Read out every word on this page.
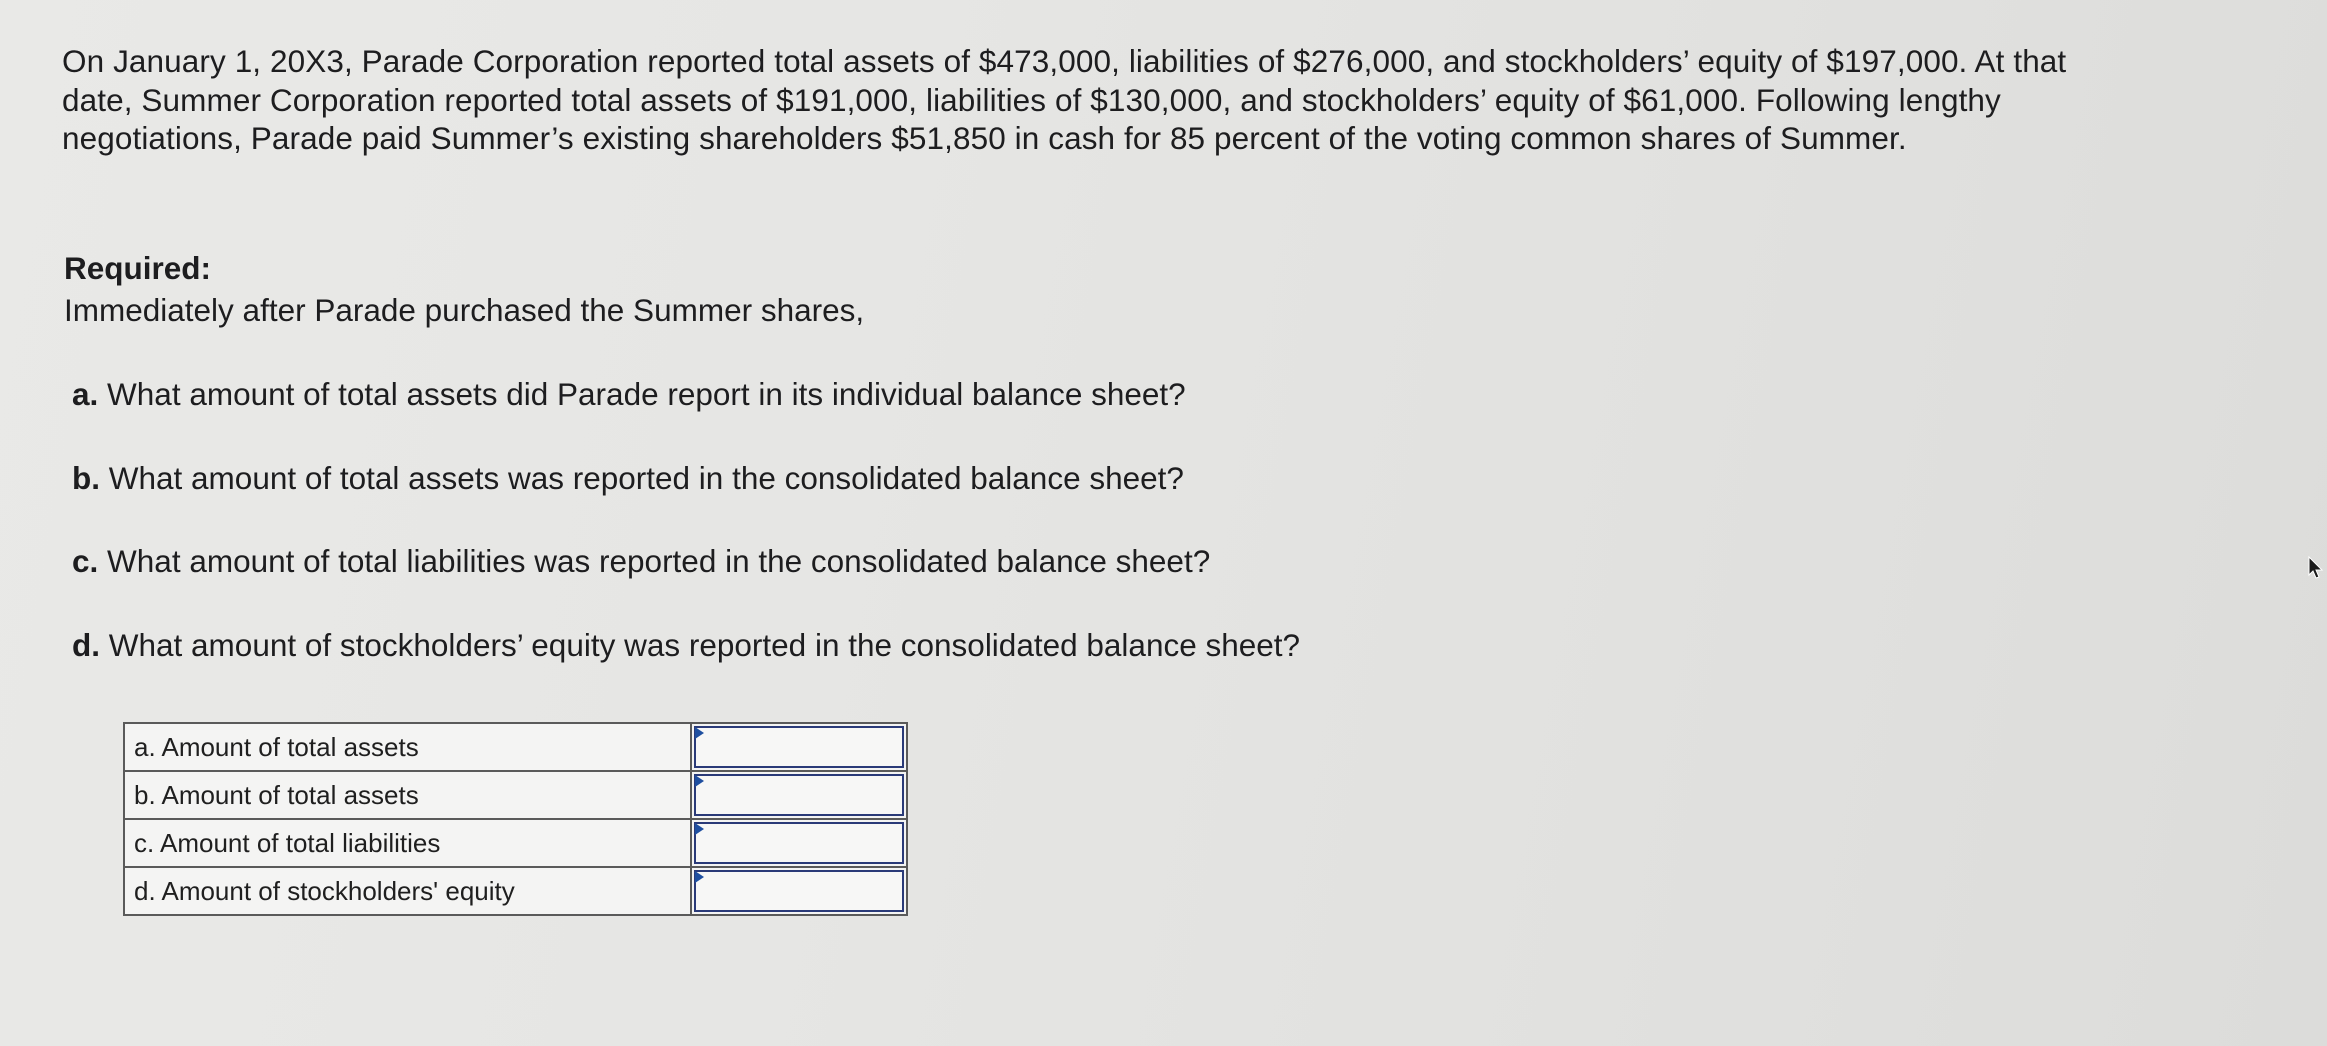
On January 1, 20X3, Parade Corporation reported total assets of $473,000, liabilities of $276,000, and stockholders’ equity of $197,000. At that date, Summer Corporation reported total assets of $191,000, liabilities of $130,000, and stockholders’ equity of $61,000. Following lengthy negotiations, Parade paid Summer’s existing shareholders $51,850 in cash for 85 percent of the voting common shares of Summer.

Required:
Immediately after Parade purchased the Summer shares,
a. What amount of total assets did Parade report in its individual balance sheet?
b. What amount of total assets was reported in the consolidated balance sheet?
c. What amount of total liabilities was reported in the consolidated balance sheet?
d. What amount of stockholders’ equity was reported in the consolidated balance sheet?
a. Amount of total assets	

b. Amount of total assets	

c. Amount of total liabilities	

d. Amount of stockholders' equity	
